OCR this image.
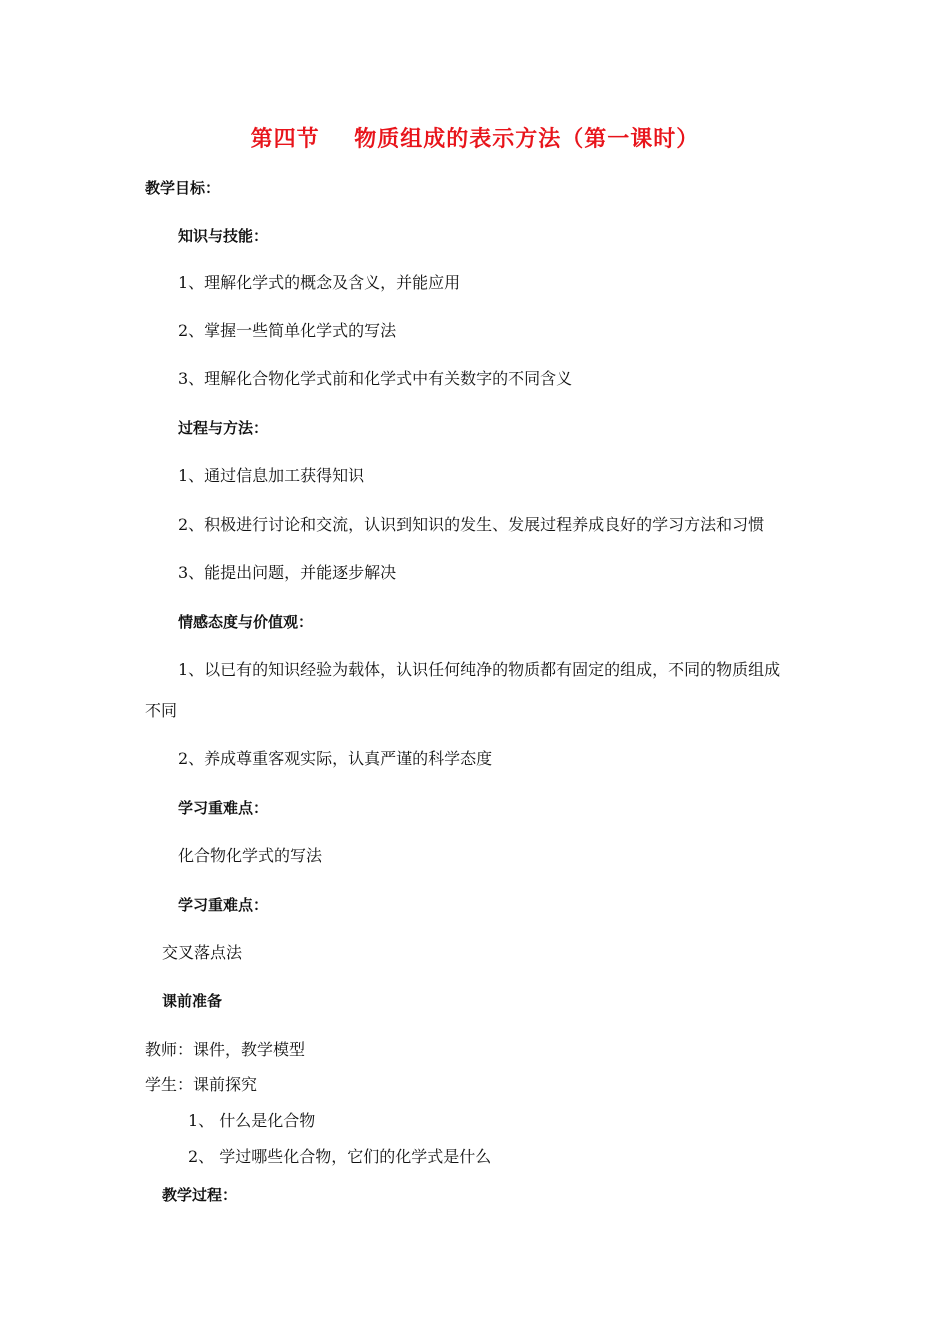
第四节    物质组成的表示方法（第一课时）
教学目标：
知识与技能：
1、理解化学式的概念及含义，并能应用
2、掌握一些简单化学式的写法
3、理解化合物化学式前和化学式中有关数字的不同含义
过程与方法：
1、通过信息加工获得知识
2、积极进行讨论和交流，认识到知识的发生、发展过程养成良好的学习方法和习惯
3、能提出问题，并能逐步解决
情感态度与价值观：
1、以已有的知识经验为载体，认识任何纯净的物质都有固定的组成，不同的物质组成
不同
2、养成尊重客观实际，认真严谨的科学态度
学习重难点：
化合物化学式的写法
学习重难点：
交叉落点法
课前准备
教师：课件，教学模型
学生：课前探究
1、 什么是化合物
2、 学过哪些化合物，它们的化学式是什么
教学过程：
